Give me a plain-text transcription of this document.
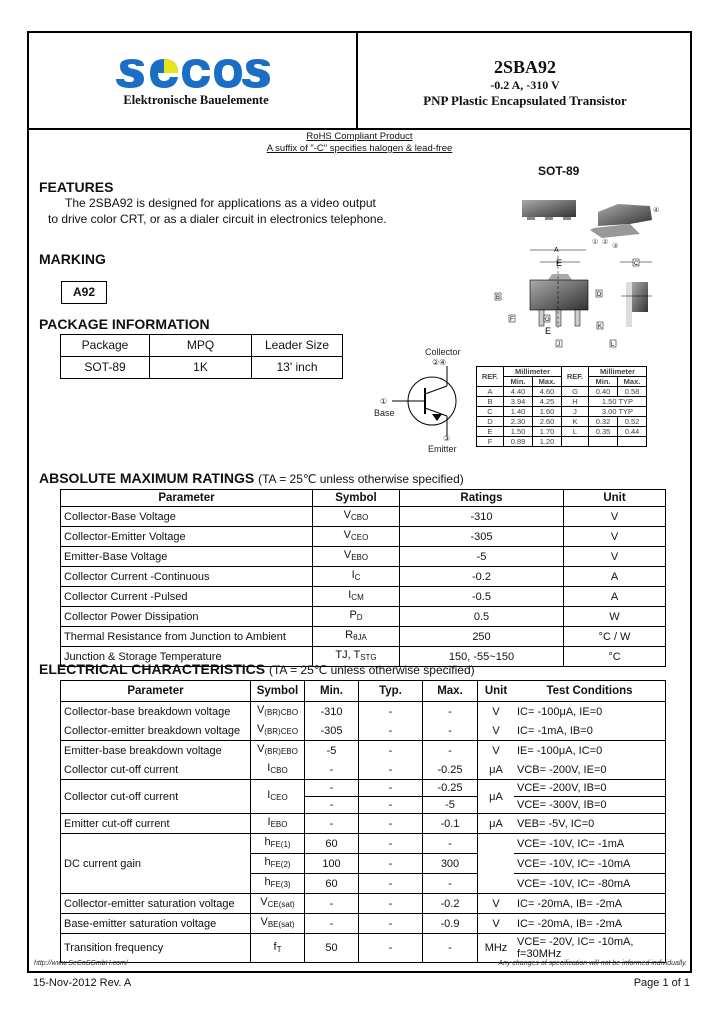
Elektronische Bauelemente
2SBA92
-0.2 A, -310 V
PNP Plastic Encapsulated Transistor
RoHS Compliant Product
A suffix of "-C" specifies halogen & lead-free
FEATURES
The 2SBA92 is designed for applications as a video output
to drive color CRT, or as a dialer circuit in electronics telephone.
MARKING
A92
PACKAGE INFORMATION
Package	MPQ	Leader Size
SOT-89	1K	13' inch
SOT-89
④
① ②
③
A
E
B
F	G
E
D
K
J
C
L
Collector
②④
①
Base
③
Emitter
REF.	Millimeter		REF.	Millimeter	
	Min.	Max.		Min.	Max.
A	4.40	4.60	G	0.40	0.58
B	3.94	4.25	H	1.50 TYP	
C	1.40	1.60	J	3.00 TYP	
D	2.30	2.60	K	0.32	0.52
E	1.50	1.70	L	0.35	0.44
F	0.89	1.20			
ABSOLUTE MAXIMUM RATINGS (TA = 25℃ unless otherwise specified)
Parameter	Symbol	Ratings	Unit
Collector-Base Voltage	$V_{CBO}$	-310	V
Collector-Emitter Voltage	$V_{CEO}$	-305	V
Emitter-Base Voltage	$V_{EBO}$	-5	V
Collector Current -Continuous	$I_C$	-0.2	A
Collector Current -Pulsed	$I_{CM}$	-0.5	A
Collector Power Dissipation	$P_D$	0.5	W
Thermal Resistance from Junction to Ambient	$R_{\theta JA}$	250	°C / W
Junction & Storage Temperature	TJ, $T_{STG}$	150, -55~150	°C
ELECTRICAL CHARACTERISTICS (TA = 25℃ unless otherwise specified)
Parameter	Symbol	Min.	Typ.	Max.	Unit	Test Conditions
Collector-base breakdown voltage	$V_{(BR)CBO}$	-310	-	-	V	IC= -100μA, IE=0
Collector-emitter breakdown voltage	$V_{(BR)CEO}$	-305	-	-	V	IC= -1mA, IB=0
Emitter-base breakdown voltage	$V_{(BR)EBO}$	-5	-	-	V	IE= -100μA, IC=0
Collector cut-off current	$I_{CBO}$	-	-	-0.25	μA	VCB= -200V, IE=0
Collector cut-off current	$I_{CEO}$	-	-	-0.25	μA	VCE= -200V, IB=0
		-	-	-5		VCE= -300V, IB=0
Emitter cut-off current	$I_{EBO}$	-	-	-0.1	μA	VEB= -5V, IC=0
DC current gain	$h_{FE(1)}$	60	-	-		VCE= -10V, IC= -1mA
	$h_{FE(2)}$	100	-	300		VCE= -10V, IC= -10mA
	$h_{FE(3)}$	60	-	-		VCE= -10V, IC= -80mA
Collector-emitter saturation voltage	$V_{CE(sat)}$	-	-	-0.2	V	IC= -20mA, IB= -2mA
Base-emitter saturation voltage	$V_{BE(sat)}$	-	-	-0.9	V	IC= -20mA, IB= -2mA
Transition frequency	$f_T$	50	-	-	MHz	VCE= -20V, IC= -10mA,
f=30MHz
http://www.SeCoSGmbH.com/	Any changes of specification will not be informed individually.
15-Nov-2012 Rev. A	Page 1 of 1
